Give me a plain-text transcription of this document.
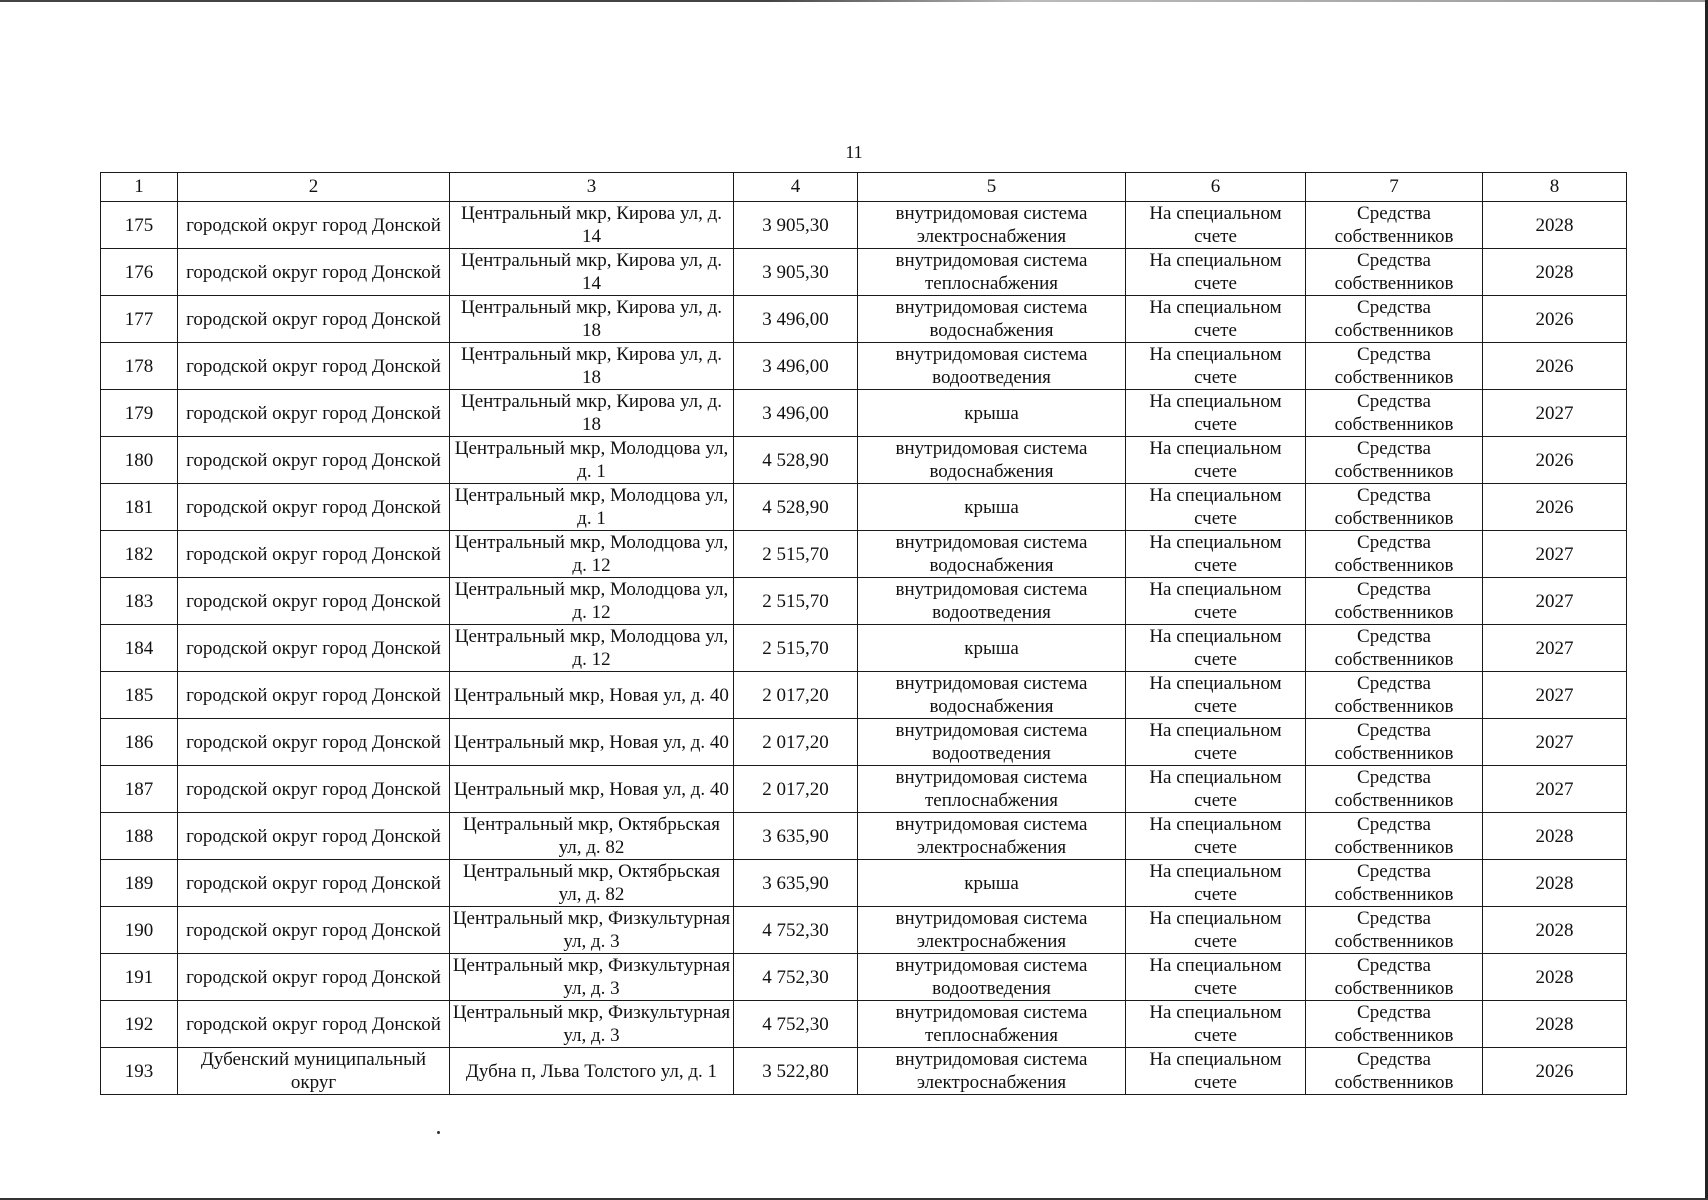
11
1	2	3	4	5	6	7	8
175	городской округ город Донской	Центральный мкр, Кирова ул, д. 14	3 905,30	внутридомовая система электроснабжения	На специальном счете	Средства собственников	2028
176	городской округ город Донской	Центральный мкр, Кирова ул, д. 14	3 905,30	внутридомовая система теплоснабжения	На специальном счете	Средства собственников	2028
177	городской округ город Донской	Центральный мкр, Кирова ул, д. 18	3 496,00	внутридомовая система водоснабжения	На специальном счете	Средства собственников	2026
178	городской округ город Донской	Центральный мкр, Кирова ул, д. 18	3 496,00	внутридомовая система водоотведения	На специальном счете	Средства собственников	2026
179	городской округ город Донской	Центральный мкр, Кирова ул, д. 18	3 496,00	крыша	На специальном счете	Средства собственников	2027
180	городской округ город Донской	Центральный мкр, Молодцова ул, д. 1	4 528,90	внутридомовая система водоснабжения	На специальном счете	Средства собственников	2026
181	городской округ город Донской	Центральный мкр, Молодцова ул, д. 1	4 528,90	крыша	На специальном счете	Средства собственников	2026
182	городской округ город Донской	Центральный мкр, Молодцова ул, д. 12	2 515,70	внутридомовая система водоснабжения	На специальном счете	Средства собственников	2027
183	городской округ город Донской	Центральный мкр, Молодцова ул, д. 12	2 515,70	внутридомовая система водоотведения	На специальном счете	Средства собственников	2027
184	городской округ город Донской	Центральный мкр, Молодцова ул, д. 12	2 515,70	крыша	На специальном счете	Средства собственников	2027
185	городской округ город Донской	Центральный мкр, Новая ул, д. 40	2 017,20	внутридомовая система водоснабжения	На специальном счете	Средства собственников	2027
186	городской округ город Донской	Центральный мкр, Новая ул, д. 40	2 017,20	внутридомовая система водоотведения	На специальном счете	Средства собственников	2027
187	городской округ город Донской	Центральный мкр, Новая ул, д. 40	2 017,20	внутридомовая система теплоснабжения	На специальном счете	Средства собственников	2027
188	городской округ город Донской	Центральный мкр, Октябрьская ул, д. 82	3 635,90	внутридомовая система электроснабжения	На специальном счете	Средства собственников	2028
189	городской округ город Донской	Центральный мкр, Октябрьская ул, д. 82	3 635,90	крыша	На специальном счете	Средства собственников	2028
190	городской округ город Донской	Центральный мкр, Физкультурная ул, д. 3	4 752,30	внутридомовая система электроснабжения	На специальном счете	Средства собственников	2028
191	городской округ город Донской	Центральный мкр, Физкультурная ул, д. 3	4 752,30	внутридомовая система водоотведения	На специальном счете	Средства собственников	2028
192	городской округ город Донской	Центральный мкр, Физкультурная ул, д. 3	4 752,30	внутридомовая система теплоснабжения	На специальном счете	Средства собственников	2028
193	Дубенский муниципальный округ	Дубна п, Льва Толстого ул, д. 1	3 522,80	внутридомовая система электроснабжения	На специальном счете	Средства собственников	2026
